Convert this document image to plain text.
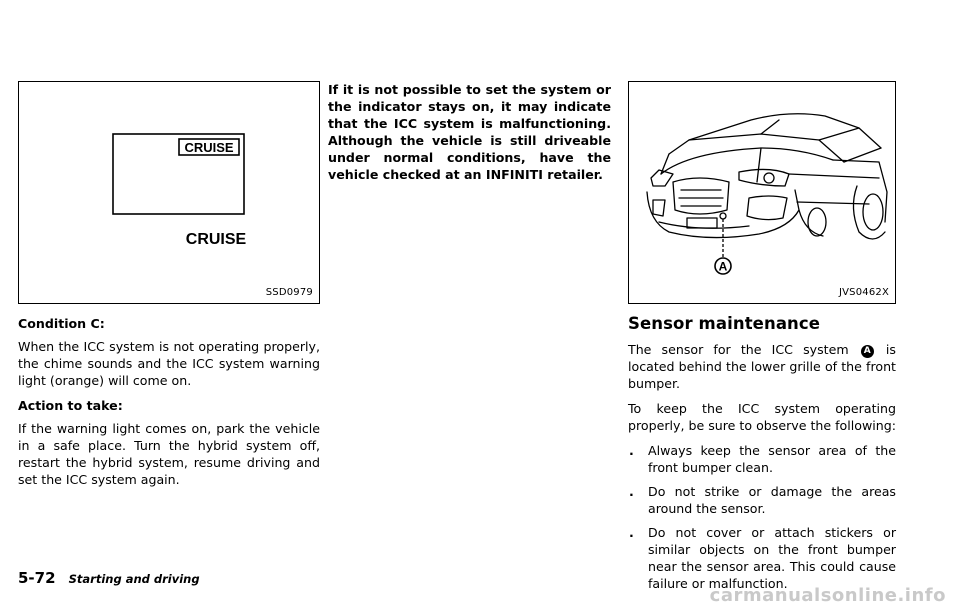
CRUISE
CRUISE
SSD0979
A
JVS0462X

Condition C:

When the ICC system is not operating properly, the chime sounds and the ICC system warning light (orange) will come on.

Action to take:

If the warning light comes on, park the vehicle in a safe place. Turn the hybrid system off, restart the hybrid system, resume driving and set the ICC system again.

If it is not possible to set the system or the indicator stays on, it may indicate that the ICC system is malfunctioning. Although the vehicle is still driveable under normal conditions, have the vehicle checked at an INFINITI retailer.

Sensor maintenance

The sensor for the ICC system A is located behind the lower grille of the front bumper.

To keep the ICC system operating properly, be sure to observe the following:

. Always keep the sensor area of the front bumper clean.
. Do not strike or damage the areas around the sensor.
. Do not cover or attach stickers or similar objects on the front bumper near the sensor area. This could cause failure or malfunction.
5-72 Starting and driving
carmanualsonline.info
